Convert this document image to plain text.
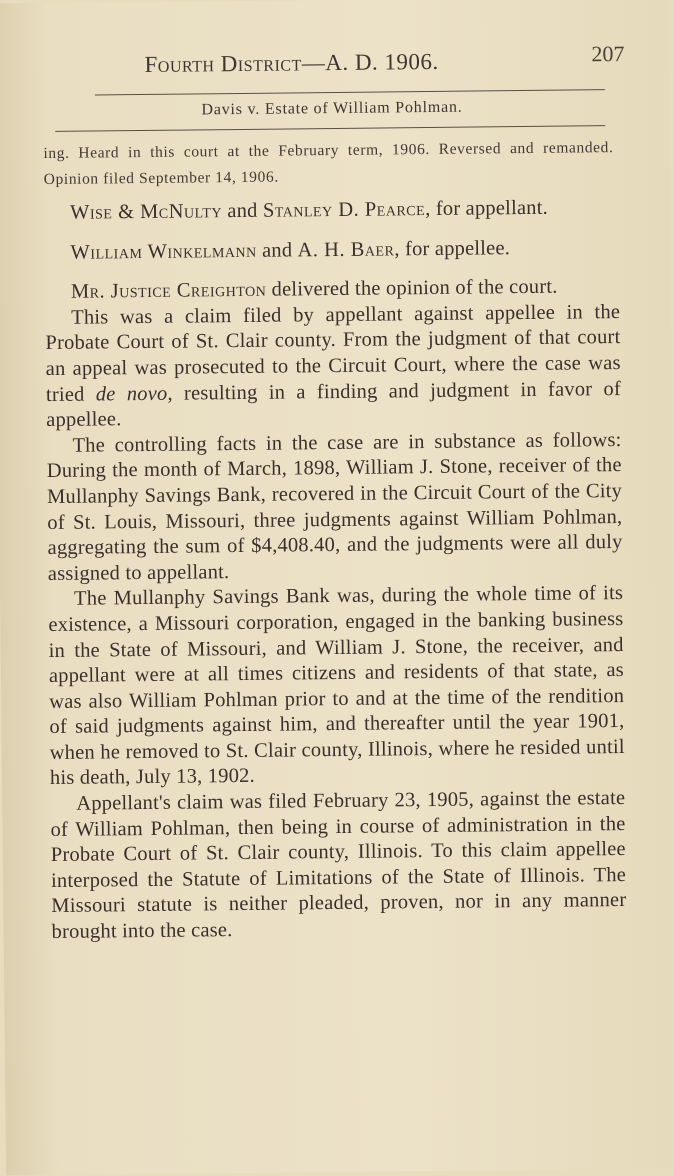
Fourth District—A. D. 1906.	207
Davis v. Estate of William Pohlman.
ing. Heard in this court at the February term, 1906. Reversed and remanded. Opinion filed September 14, 1906.

Wise & McNulty and Stanley D. Pearce, for appellant.

William Winkelmann and A. H. Baer, for appellee.

Mr. Justice Creighton delivered the opinion of the court.

This was a claim filed by appellant against appellee in the Probate Court of St. Clair county. From the judgment of that court an appeal was prosecuted to the Circuit Court, where the case was tried de novo, resulting in a finding and judgment in favor of appellee.

The controlling facts in the case are in substance as follows: During the month of March, 1898, William J. Stone, receiver of the Mullanphy Savings Bank, recovered in the Circuit Court of the City of St. Louis, Missouri, three judgments against William Pohlman, aggregating the sum of $4,408.40, and the judgments were all duly assigned to appellant.

The Mullanphy Savings Bank was, during the whole time of its existence, a Missouri corporation, engaged in the banking business in the State of Missouri, and William J. Stone, the receiver, and appellant were at all times citizens and residents of that state, as was also William Pohlman prior to and at the time of the rendition of said judgments against him, and thereafter until the year 1901, when he removed to St. Clair county, Illinois, where he resided until his death, July 13, 1902.

Appellant's claim was filed February 23, 1905, against the estate of William Pohlman, then being in course of administration in the Probate Court of St. Clair county, Illinois. To this claim appellee interposed the Statute of Limitations of the State of Illinois. The Missouri statute is neither pleaded, proven, nor in any manner brought into the case.
